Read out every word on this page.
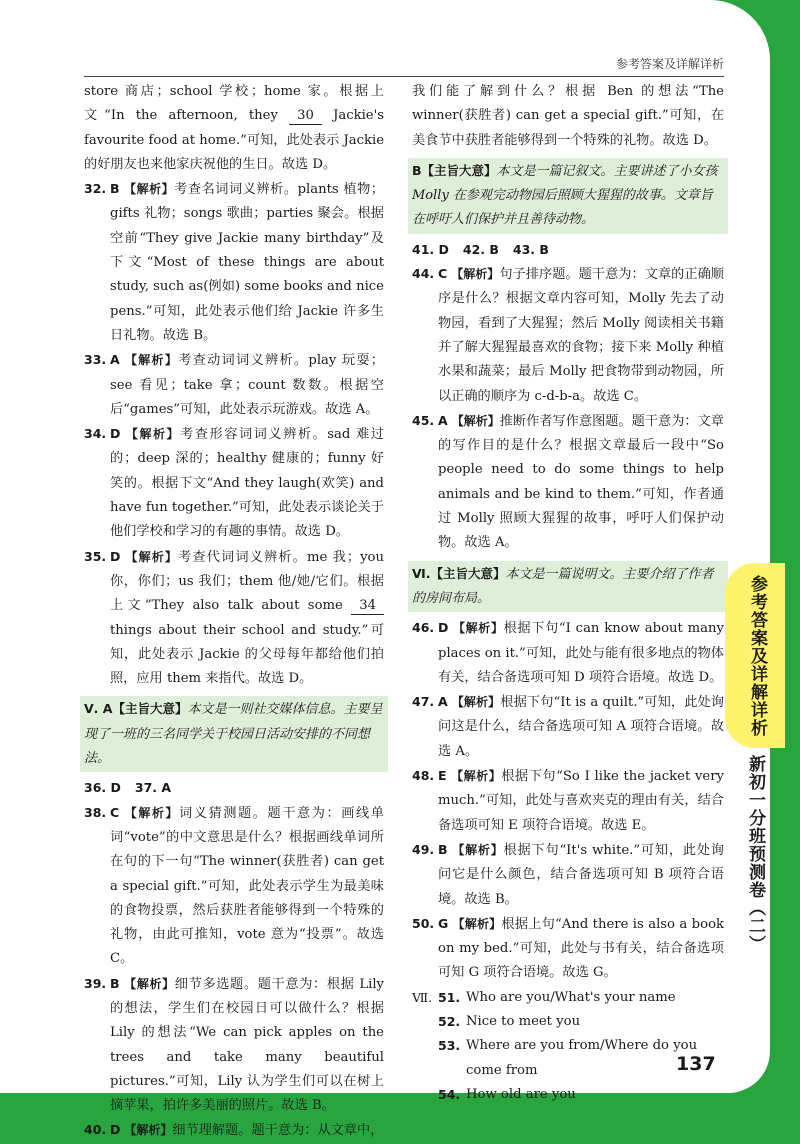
参考答案及详解详析
store 商店；school 学校；home 家。根据上文“In the afternoon, they 30 Jackie's favourite food at home.”可知，此处表示 Jackie 的好朋友也来他家庆祝他的生日。故选 D。
32. B 【解析】考查名词词义辨析。plants 植物；gifts 礼物；songs 歌曲；parties 聚会。根据空前“They give Jackie many birthday”及下文“Most of these things are about study, such as(例如) some books and nice pens.”可知，此处表示他们给 Jackie 许多生日礼物。故选 B。
33. A 【解析】考查动词词义辨析。play 玩耍；see 看见；take 拿；count 数数。根据空后“games”可知，此处表示玩游戏。故选 A。
34. D 【解析】考查形容词词义辨析。sad 难过的；deep 深的；healthy 健康的；funny 好笑的。根据下文“And they laugh(欢笑) and have fun together.”可知，此处表示谈论关于他们学校和学习的有趣的事情。故选 D。
35. D 【解析】考查代词词义辨析。me 我；you 你，你们；us 我们；them 他/她/它们。根据上文“They also talk about some 34 things about their school and study.”可知，此处表示 Jackie 的父母每年都给他们拍照，应用 them 来指代。故选 D。
Ⅴ. A【主旨大意】本文是一则社交媒体信息。主要呈现了一班的三名同学关于校园日活动安排的不同想法。
36. D 37. A
38. C 【解析】词义猜测题。题干意为：画线单词“vote”的中文意思是什么？根据画线单词所在句的下一句“The winner(获胜者) can get a special gift.”可知，此处表示学生为最美味的食物投票，然后获胜者能够得到一个特殊的礼物，由此可推知，vote 意为“投票”。故选 C。
39. B 【解析】细节多选题。题干意为：根据 Lily 的想法，学生们在校园日可以做什么？根据 Lily 的想法“We can pick apples on the trees and take many beautiful pictures.”可知，Lily 认为学生们可以在树上摘苹果，拍许多美丽的照片。故选 B。
40. D 【解析】细节理解题。题干意为：从文章中，
我们能了解到什么？根据 Ben 的想法“The winner(获胜者) can get a special gift.”可知，在美食节中获胜者能够得到一个特殊的礼物。故选 D。
B【主旨大意】本文是一篇记叙文。主要讲述了小女孩 Molly 在参观完动物园后照顾大猩猩的故事。文章旨在呼吁人们保护并且善待动物。
41. D 42. B 43. B
44. C 【解析】句子排序题。题干意为：文章的正确顺序是什么？根据文章内容可知，Molly 先去了动物园，看到了大猩猩；然后 Molly 阅读相关书籍并了解大猩猩最喜欢的食物；接下来 Molly 种植水果和蔬菜；最后 Molly 把食物带到动物园，所以正确的顺序为 c-d-b-a。故选 C。
45. A 【解析】推断作者写作意图题。题干意为：文章的写作目的是什么？根据文章最后一段中“So people need to do some things to help animals and be kind to them.”可知，作者通过 Molly 照顾大猩猩的故事，呼吁人们保护动物。故选 A。
Ⅵ.【主旨大意】本文是一篇说明文。主要介绍了作者的房间布局。
46. D 【解析】根据下句“I can know about many places on it.”可知，此处与能有很多地点的物体有关，结合备选项可知 D 项符合语境。故选 D。
47. A 【解析】根据下句“It is a quilt.”可知，此处询问这是什么，结合备选项可知 A 项符合语境。故选 A。
48. E 【解析】根据下句“So I like the jacket very much.”可知，此处与喜欢夹克的理由有关，结合备选项可知 E 项符合语境。故选 E。
49. B 【解析】根据下句“It's white.”可知，此处询问它是什么颜色，结合备选项可知 B 项符合语境。故选 B。
50. G 【解析】根据上句“And there is also a book on my bed.”可知，此处与书有关，结合备选项可知 G 项符合语境。故选 G。
Ⅶ. 51. Who are you/What's your name
52. Nice to meet you
53. Where are you from/Where do you come from
54. How old are you
137
参考答案及详解详析
新初一分班预测卷（二）
